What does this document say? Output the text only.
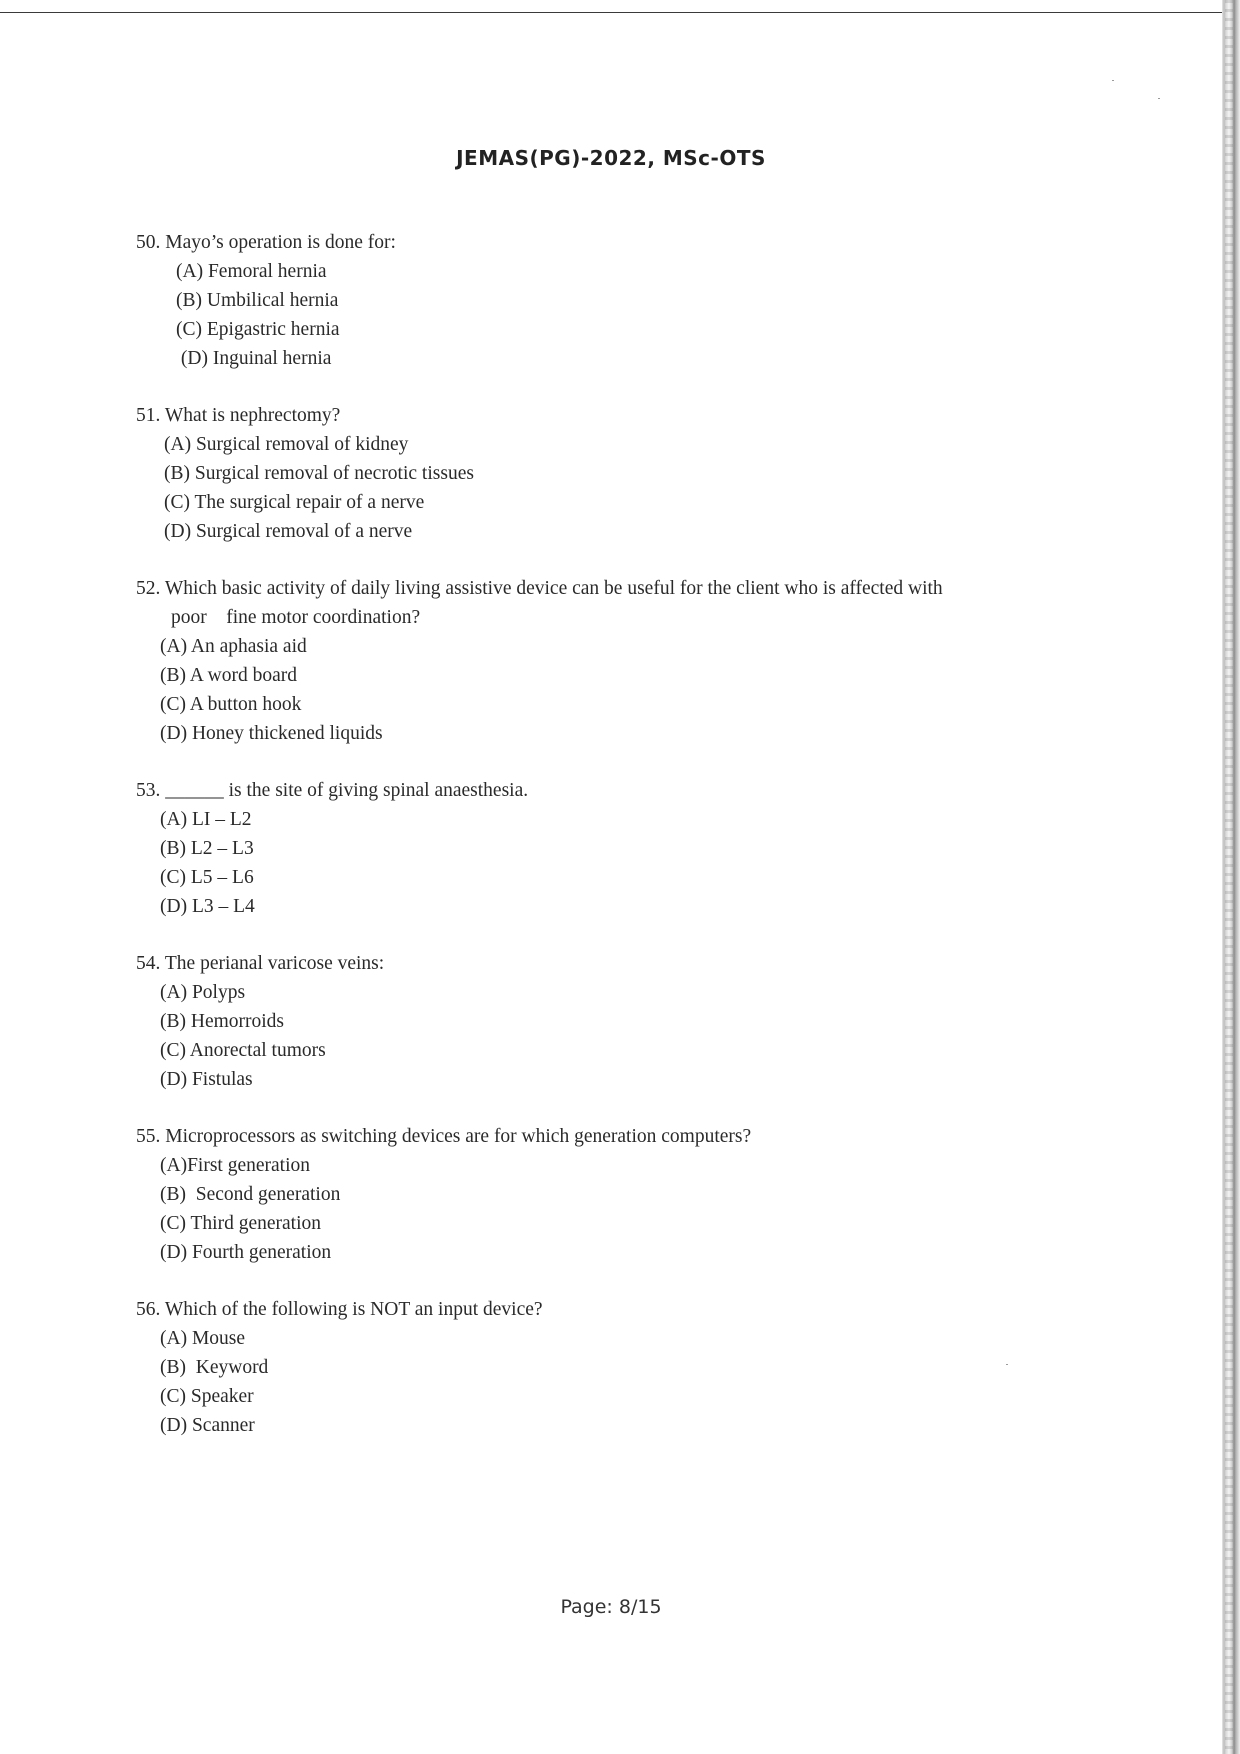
JEMAS(PG)-2022, MSc-OTS
50. Mayo’s operation is done for:
(A) Femoral hernia
(B) Umbilical hernia
(C) Epigastric hernia
(D) Inguinal hernia
51. What is nephrectomy?
(A) Surgical removal of kidney
(B) Surgical removal of necrotic tissues
(C) The surgical repair of a nerve
(D) Surgical removal of a nerve
52. Which basic activity of daily living assistive device can be useful for the client who is affected with
poor    fine motor coordination?
(A) An aphasia aid
(B) A word board
(C) A button hook
(D) Honey thickened liquids
53. ______ is the site of giving spinal anaesthesia.
(A) LI – L2
(B) L2 – L3
(C) L5 – L6
(D) L3 – L4
54. The perianal varicose veins:
(A) Polyps
(B) Hemorroids
(C) Anorectal tumors
(D) Fistulas
55. Microprocessors as switching devices are for which generation computers?
(A)First generation
(B)  Second generation
(C) Third generation
(D) Fourth generation
56. Which of the following is NOT an input device?
(A) Mouse
(B)  Keyword
(C) Speaker
(D) Scanner
Page: 8/15
